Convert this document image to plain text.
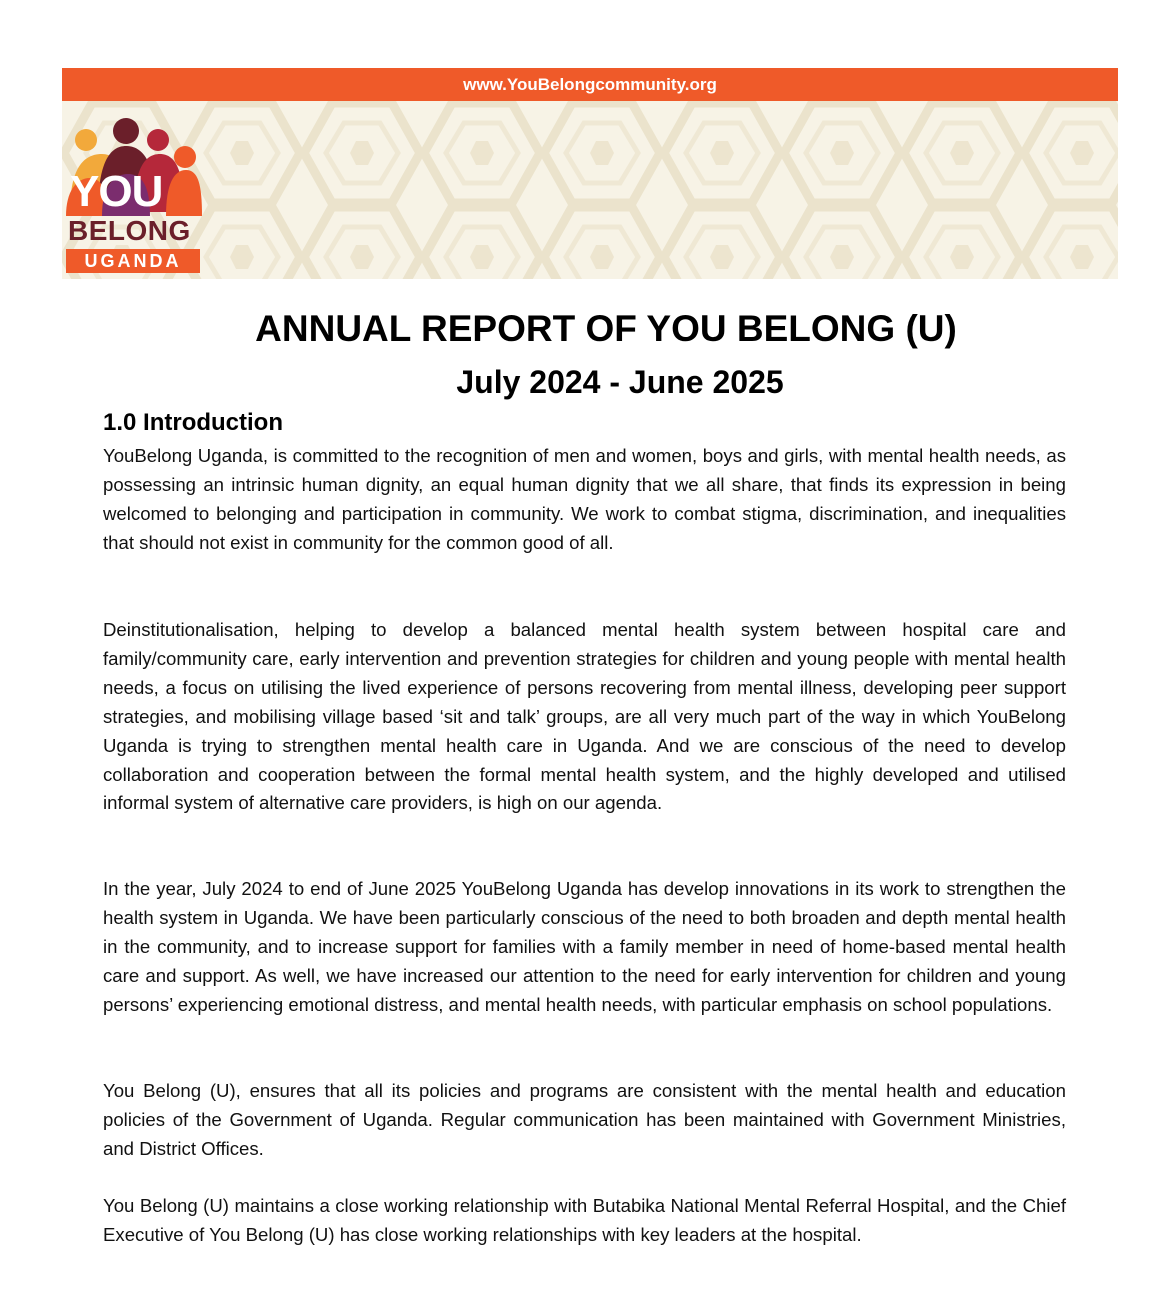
www.YouBelongcommunity.org
YOU
BELONG
UGANDA
ANNUAL REPORT OF YOU BELONG (U)
July 2024 - June 2025
1.0 Introduction

YouBelong Uganda, is committed to the recognition of men and women, boys and girls, with mental health needs, as possessing an intrinsic human dignity, an equal human dignity that we all share, that finds its expression in being welcomed to belonging and participation in community. We work to combat stigma, discrimination, and inequalities that should not exist in community for the common good of all.

Deinstitutionalisation, helping to develop a balanced mental health system between hospital care and family/community care, early intervention and prevention strategies for children and young people with mental health needs, a focus on utilising the lived experience of persons recovering from mental illness, developing peer support strategies, and mobilising village based ‘sit and talk’ groups, are all very much part of the way in which YouBelong Uganda is trying to strengthen mental health care in Uganda. And we are conscious of the need to develop collaboration and cooperation between the formal mental health system, and the highly developed and utilised informal system of alternative care providers, is high on our agenda.

In the year, July 2024 to end of June 2025 YouBelong Uganda has develop innovations in its work to strengthen the health system in Uganda. We have been particularly conscious of the need to both broaden and depth mental health in the community, and to increase support for families with a family member in need of home-based mental health care and support. As well, we have increased our attention to the need for early intervention for children and young persons’ experiencing emotional distress, and mental health needs, with particular emphasis on school populations.

You Belong (U), ensures that all its policies and programs are consistent with the mental health and education policies of the Government of Uganda. Regular communication has been maintained with Government Ministries, and District Offices.

You Belong (U) maintains a close working relationship with Butabika National Mental Referral Hospital, and the Chief Executive of You Belong (U) has close working relationships with key leaders at the hospital.
